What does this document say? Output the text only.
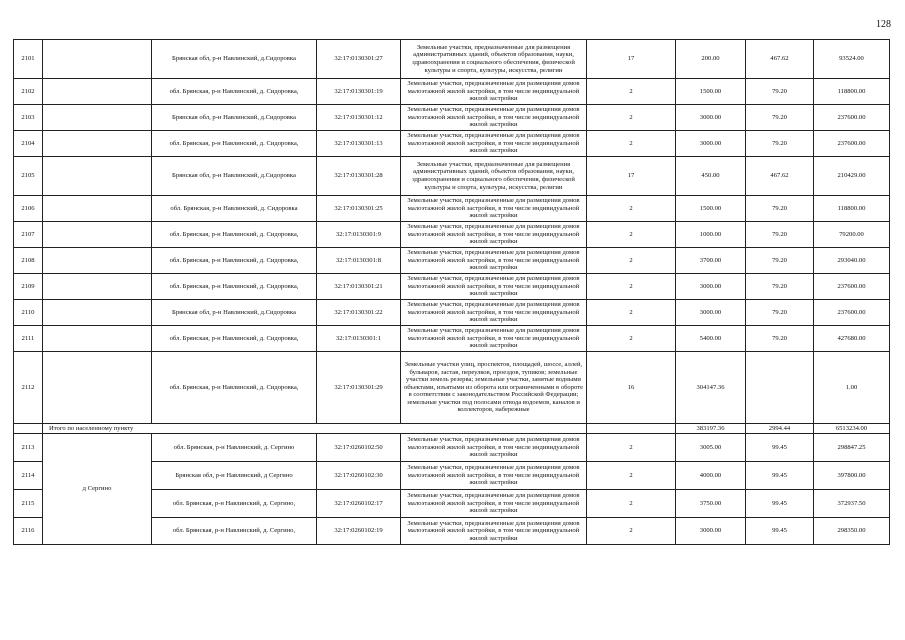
128
2101		Брянская обл, р-н Навлинский, д.Сидоровка	32:17:0130301:27	Земельные участки, предназначенные для размещения административных зданий, объектов образования, науки, здравоохранения и социального обеспечения, физической культуры и спорта, культуры, искусства, религии	17	200.00	467.62	93524.00
2102		обл. Брянская, р-н Навлинский, д. Сидоровка,	32:17:0130301:19	Земельные участки, предназначенные для размещения домов малоэтажной жилой застройки, в том числе индивидуальной жилой застройки	2	1500.00	79.20	118800.00
2103		Брянская обл, р-н Навлинский, д.Сидоровка	32:17:0130301:12	Земельные участки, предназначенные для размещения домов малоэтажной жилой застройки, в том числе индивидуальной жилой застройки	2	3000.00	79.20	237600.00
2104		обл. Брянская, р-н Навлинский, д. Сидоровка,	32:17:0130301:13	Земельные участки, предназначенные для размещения домов малоэтажной жилой застройки, в том числе индивидуальной жилой застройки	2	3000.00	79.20	237600.00
2105		Брянская обл, р-н Навлинский, д.Сидоровка	32:17:0130301:28	Земельные участки, предназначенные для размещения административных зданий, объектов образования, науки, здравоохранения и социального обеспечения, физической культуры и спорта, культуры, искусства, религии	17	450.00	467.62	210429.00
2106		обл. Брянская, р-н Навлинский, д. Сидоровка	32:17:0130301:25	Земельные участки, предназначенные для размещения домов малоэтажной жилой застройки, в том числе индивидуальной жилой застройки	2	1500.00	79.20	118800.00
2107		обл. Брянская, р-н Навлинский, д. Сидоровка,	32:17:0130301:9	Земельные участки, предназначенные для размещения домов малоэтажной жилой застройки, в том числе индивидуальной жилой застройки	2	1000.00	79.20	79200.00
2108		обл. Брянская, р-н Навлинский, д. Сидоровка,	32:17:0130301:8	Земельные участки, предназначенные для размещения домов малоэтажной жилой застройки, в том числе индивидуальной жилой застройки	2	3700.00	79.20	293040.00
2109		обл. Брянская, р-н Навлинский, д. Сидоровка,	32:17:0130301:21	Земельные участки, предназначенные для размещения домов малоэтажной жилой застройки, в том числе индивидуальной жилой застройки	2	3000.00	79.20	237600.00
2110		Брянская обл, р-н Навлинский, д.Сидоровка	32:17:0130301:22	Земельные участки, предназначенные для размещения домов малоэтажной жилой застройки, в том числе индивидуальной жилой застройки	2	3000.00	79.20	237600.00
2111		обл. Брянская, р-н Навлинский, д. Сидоровка,	32:17:0130301:1	Земельные участки, предназначенные для размещения домов малоэтажной жилой застройки, в том числе индивидуальной жилой застройки	2	5400.00	79.20	427680.00
2112		обл. Брянская, р-н Навлинский, д. Сидоровка,	32:17:0130301:29	Земельные участки улиц, проспектов, площадей, шоссе, аллей, бульваров, застав, переулков, проездов, тупиков; земельные участки земель резерва; земельные участки, занятые водными объектами, изъятыми из оборота или ограниченными в обороте в соответствии с законодательством Российской Федерации; земельные участки под полосами отвода водоемов, каналов и коллекторов, набережные	16	304147.36		1.00
	Итого по населенному пункту					383197.36	2994.44	6513234.00
2113	д Сергино	обл. Брянская, р-н Навлинский, д. Сергино	32:17:0260102:50	Земельные участки, предназначенные для размещения домов малоэтажной жилой застройки, в том числе индивидуальной жилой застройки	2	3005.00	99.45	298847.25
2114		Брянская обл, р-н Навлинский, д Сергино	32:17:0260102:30	Земельные участки, предназначенные для размещения домов малоэтажной жилой застройки, в том числе индивидуальной жилой застройки	2	4000.00	99.45	397800.00
2115		обл. Брянская, р-н Навлинский, д. Сергино,	32:17:0260102:17	Земельные участки, предназначенные для размещения домов малоэтажной жилой застройки, в том числе индивидуальной жилой застройки	2	3750.00	99.45	372937.50
2116		обл. Брянская, р-н Навлинский, д. Сергино,	32:17:0260102:19	Земельные участки, предназначенные для размещения домов малоэтажной жилой застройки, в том числе индивидуальной жилой застройки	2	3000.00	99.45	298350.00
